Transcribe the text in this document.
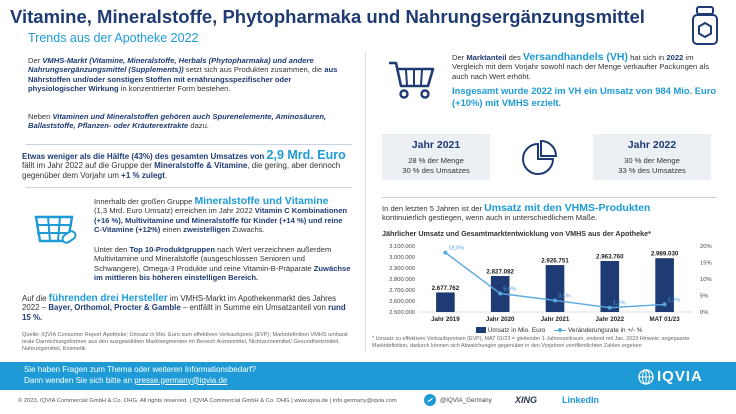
Vitamine, Mineralstoffe, Phytopharmaka und Nahrungsergänzungsmittel
Trends aus der Apotheke 2022
Der VMHS-Markt (Vitamine, Mineralstoffe, Herbals (Phytopharmaka) und andere Nahrungsergänzungsmittel (Supplements)) setzt sich aus Produkten zusammen, die aus Nährstoffen und/oder sonstigen Stoffen mit ernährungsspezifischer oder physiologischer Wirkung in konzentrierter Form bestehen.
Neben Vitaminen und Mineralstoffen gehören auch Spurenelemente, Aminosäuren, Ballaststoffe, Pflanzen- oder Kräuterextrakte dazu.
Etwas weniger als die Hälfte (43%) des gesamten Umsatzes von 2,9 Mrd. Euro
fällt im Jahr 2022 auf die Gruppe der Mineralstoffe & Vitamine, die gering, aber dennoch gegenüber dem Vorjahr um +1 % zulegt.
Innerhalb der großen Gruppe Mineralstoffe und Vitamine
(1,3 Mrd. Euro Umsatz) erreichen im Jahr 2022 Vitamin C Kombinationen (+16 %), Multivitamine und Mineralstoffe für Kinder (+14 %) und reine C-Vitamine (+12%) einen zweistelligen Zuwachs.
Unter den Top 10-Produktgruppen nach Wert verzeichnen außerdem Multivitamine und Mineralstoffe (ausgeschlossen Senioren und Schwangere), Omega-3 Produkte und reine Vitamin-B-Präparate Zuwächse im mittleren bis höheren einstelligen Bereich.
Auf die führenden drei Hersteller im VMHS-Markt im Apothekenmarkt des Jahres 2022 – Bayer, Orthomol, Procter & Gamble – entfällt in Summe ein Umsatzanteil von rund 15 %.
Quelle: IQVIA Consumer Report Apotheke; Umsatz in Mio. Euro zum effektiven Verkaufspreis (EVP); Marktdefinition VMHS umfasst orale Darreichungsformen aus den ausgewählten Marktsegmenten im Bereich Arzneimittel, Nichtarzneimittel/ Gesundheitsmittel, Nahrungsmittel, Kosmetik
Der Marktanteil des Versandhandels (VH) hat sich in 2022 im Vergleich mit dem Vorjahr sowohl nach der Menge verkaufter Packungen als auch nach Wert erhöht.
Insgesamt wurde 2022 im VH ein Umsatz von 984 Mio. Euro (+10%) mit VMHS erzielt.
Jahr 2021
28 % der Menge
30 % des Umsatzes
Jahr 2022
30 % der Menge
33 % des Umsatzes
In den letzten 5 Jahren ist der Umsatz mit den VHMS-Produkten
kontinuierlich gestiegen, wenn auch in unterschiedlichem Maße.
Jährlicher Umsatz und Gesamtmarktentwicklung von VMHS aus der Apotheke*
3.100.000
3.000.000
2.900.000
2.800.000
2.700.000
2.600.000
2.500.000
20%
15%
10%
5%
0%
2.677.762
Jahr 2019
2.827.082
Jahr 2020
2.926.751
Jahr 2021
2.963.760
Jahr 2022
2.989.030
MAT 01/23
18,0%
5,6%
3,5%
1,3%
2,3%
Umsatz in Mio. Euro	Veränderungsrate in +/- %
* Umsatz zu effektiven Verkaufspreisen (EVP), MAT 01/23 = gleitender 1-Jahreszeitraum, endend mit Jan. 2023 Hinweis: angepasste Marktdefinition, dadurch können sich Abweichungen gegenüber in den Vorjahren veröffentlichten Zahlen ergeben
Sie haben Fragen zum Thema oder weiteren Informationsbedarf?
Dann wenden Sie sich bitte an presse.germany@iqvia.de	IQVIA
© 2023, IQVIA Commercial GmbH & Co. OHG. All rights reserved. | IQVIA Commercial GmbH & Co. OHG | www.iqvia.de | info.germany@iqvia.com	@IQVIA_Germany	XING	LinkedIn
